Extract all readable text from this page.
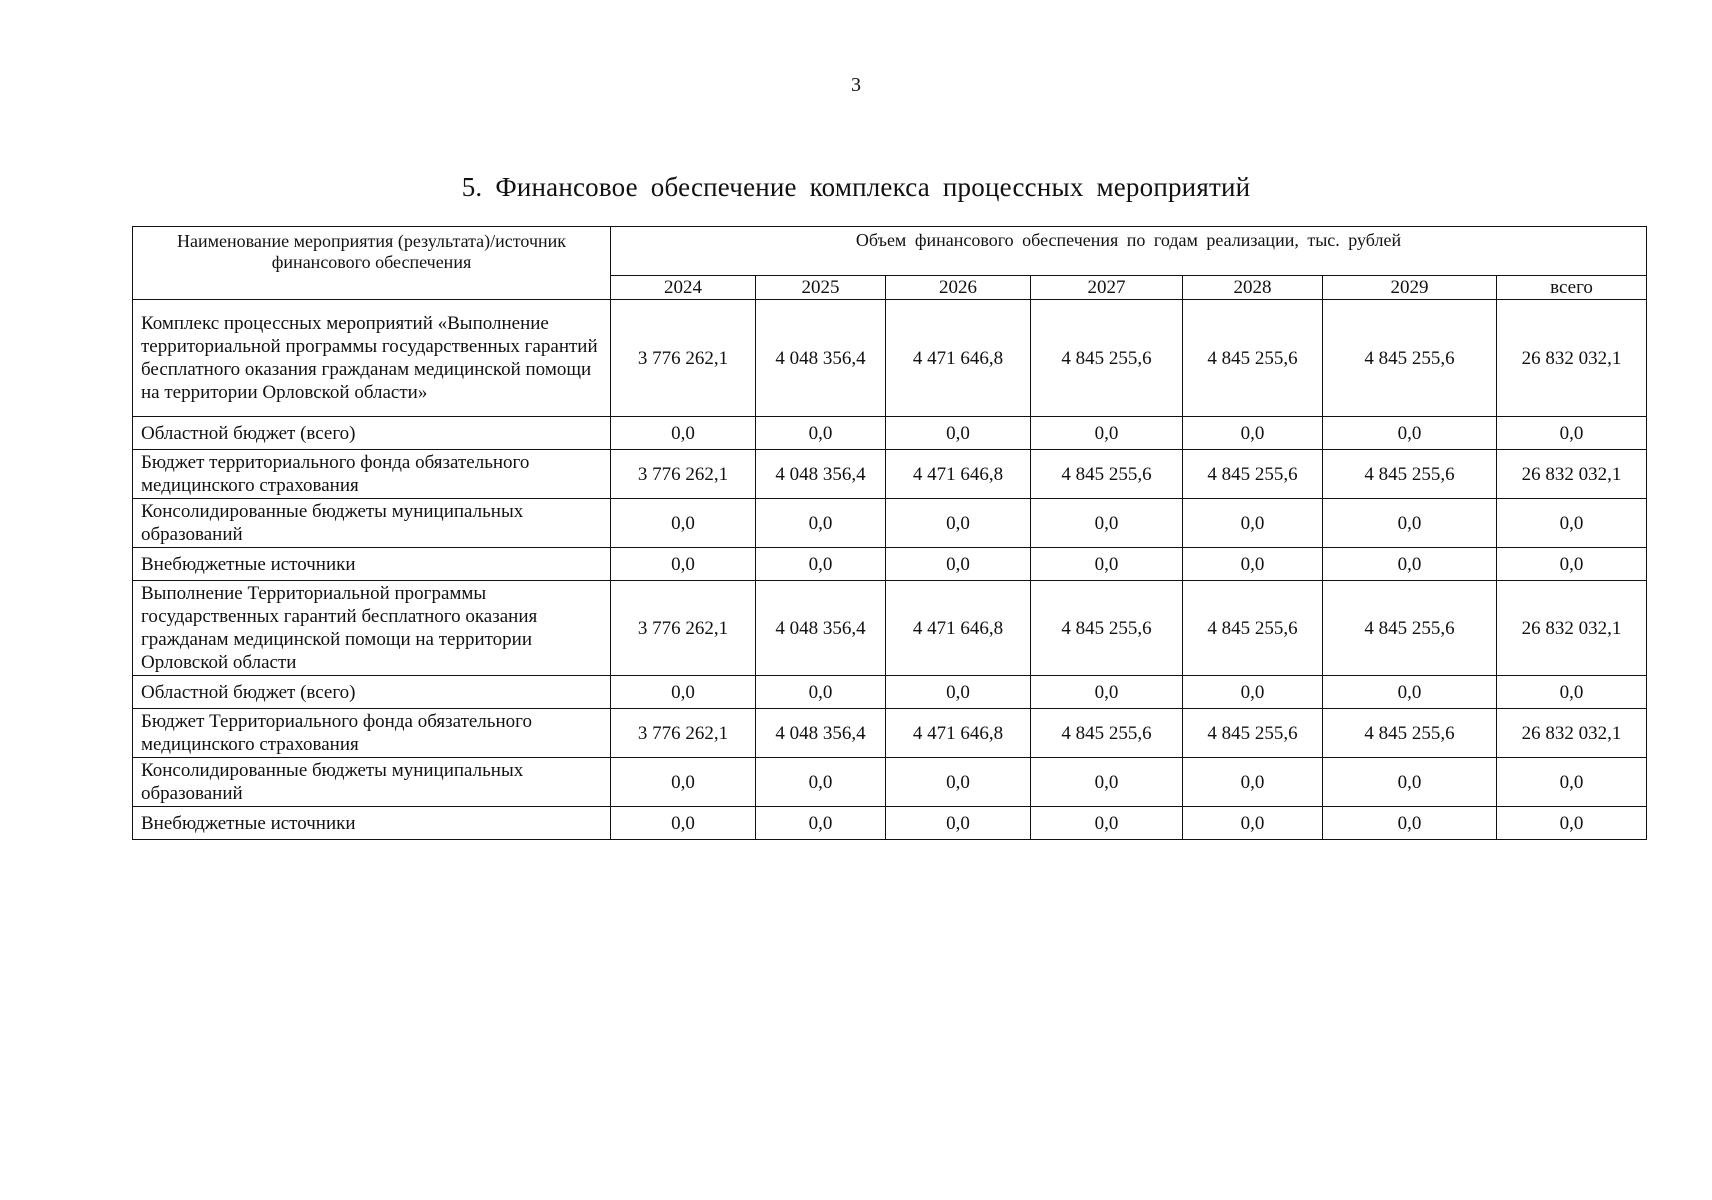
3
5. Финансовое обеспечение комплекса процессных мероприятий
Наименование мероприятия (результата)/источник финансового обеспечения	Объем финансового обеспечения по годам реализации, тыс. рублей						
	2024	2025	2026	2027	2028	2029	всего
Комплекс процессных мероприятий «Выполнение территориальной программы государственных гарантий бесплатного оказания гражданам медицинской помощи на территории Орловской области»	3 776 262,1	4 048 356,4	4 471 646,8	4 845 255,6	4 845 255,6	4 845 255,6	26 832 032,1
Областной бюджет (всего)	0,0	0,0	0,0	0,0	0,0	0,0	0,0
Бюджет территориального фонда обязательного медицинского страхования	3 776 262,1	4 048 356,4	4 471 646,8	4 845 255,6	4 845 255,6	4 845 255,6	26 832 032,1
Консолидированные бюджеты муниципальных образований	0,0	0,0	0,0	0,0	0,0	0,0	0,0
Внебюджетные источники	0,0	0,0	0,0	0,0	0,0	0,0	0,0
Выполнение Территориальной программы государственных гарантий бесплатного оказания гражданам медицинской помощи на территории Орловской области	3 776 262,1	4 048 356,4	4 471 646,8	4 845 255,6	4 845 255,6	4 845 255,6	26 832 032,1
Областной бюджет (всего)	0,0	0,0	0,0	0,0	0,0	0,0	0,0
Бюджет Территориального фонда обязательного медицинского страхования	3 776 262,1	4 048 356,4	4 471 646,8	4 845 255,6	4 845 255,6	4 845 255,6	26 832 032,1
Консолидированные бюджеты муниципальных образований	0,0	0,0	0,0	0,0	0,0	0,0	0,0
Внебюджетные источники	0,0	0,0	0,0	0,0	0,0	0,0	0,0
